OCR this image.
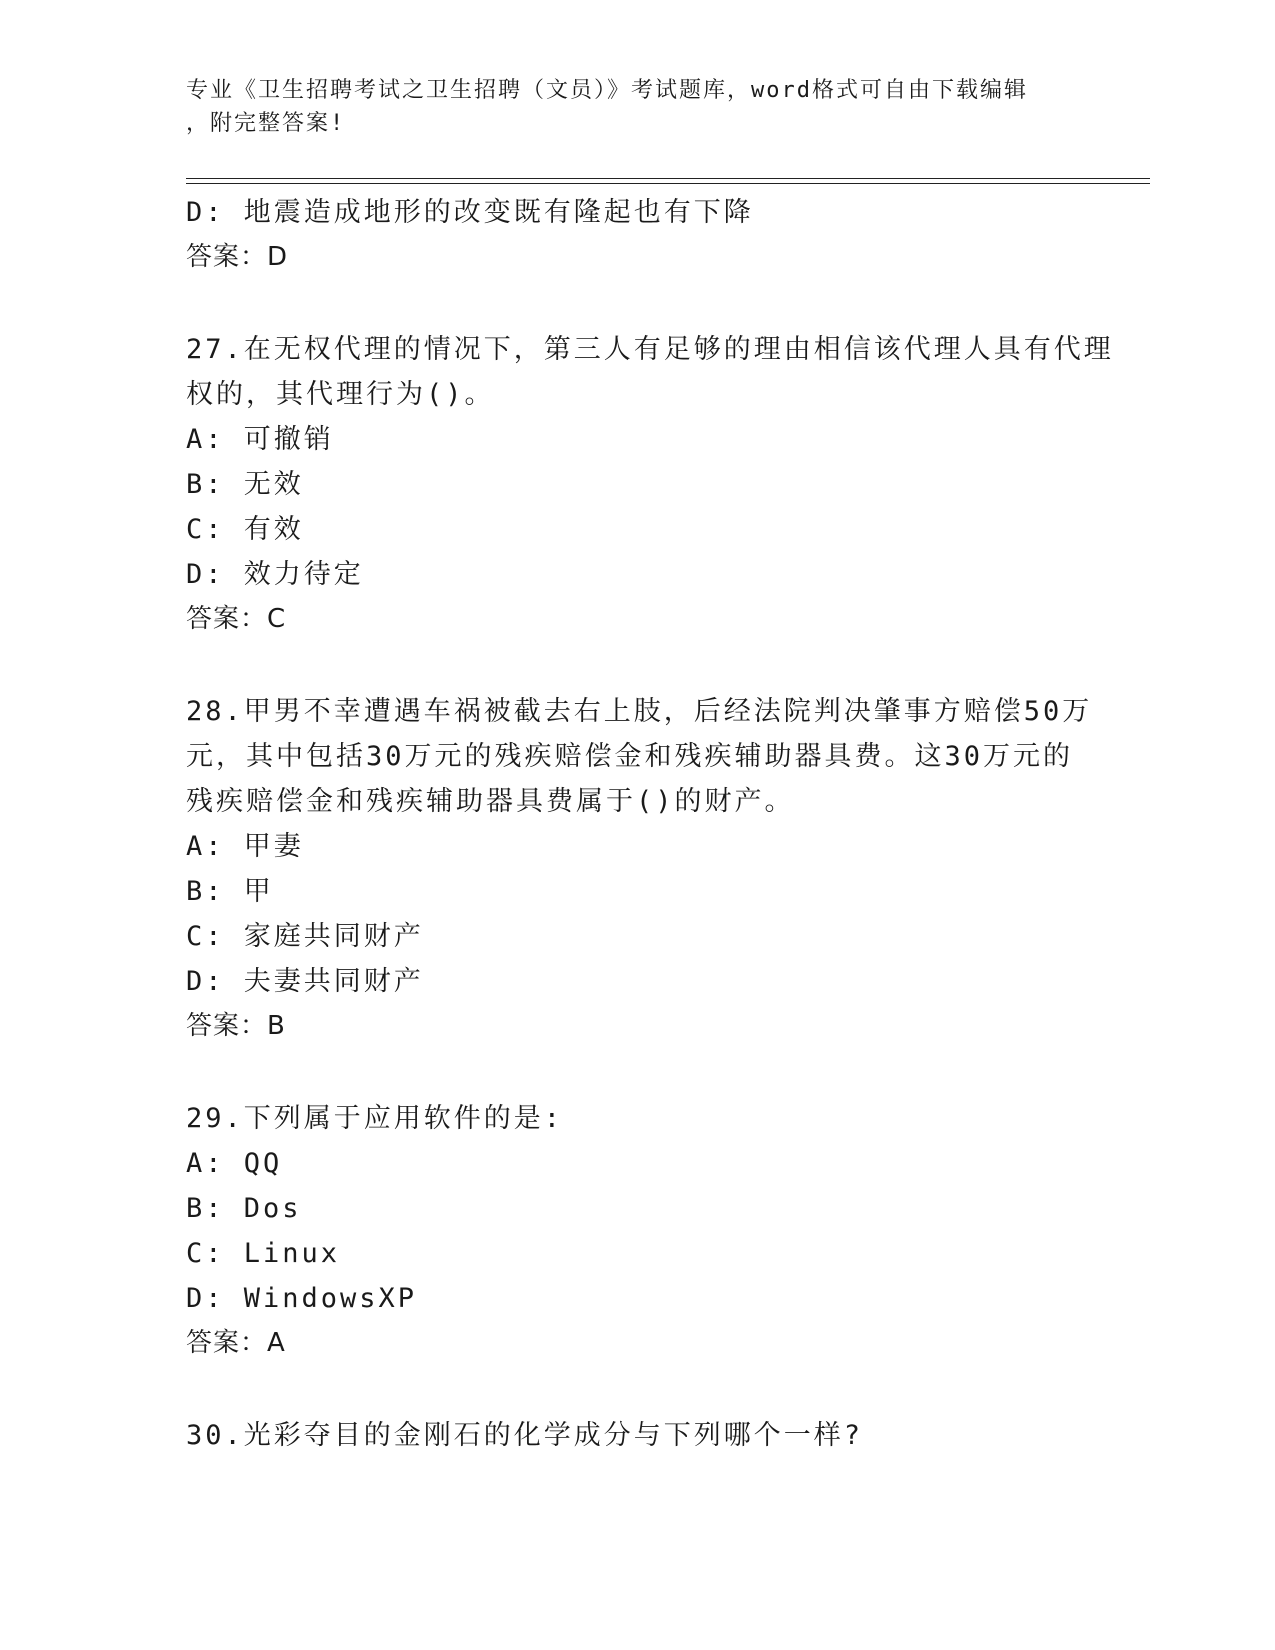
专业《卫生招聘考试之卫生招聘（文员）》考试题库，word格式可自由下载编辑
，附完整答案!
D: 地震造成地形的改变既有隆起也有下降
答案：D
27.在无权代理的情况下，第三人有足够的理由相信该代理人具有代理
权的，其代理行为()。
A: 可撤销
B: 无效
C: 有效
D: 效力待定
答案：C
28.甲男不幸遭遇车祸被截去右上肢，后经法院判决肇事方赔偿50万
元，其中包括30万元的残疾赔偿金和残疾辅助器具费。这30万元的
残疾赔偿金和残疾辅助器具费属于()的财产。
A: 甲妻
B: 甲
C: 家庭共同财产
D: 夫妻共同财产
答案：B
29.下列属于应用软件的是:
A: QQ
B: Dos
C: Linux
D: WindowsXP
答案：A
30.光彩夺目的金刚石的化学成分与下列哪个一样?
